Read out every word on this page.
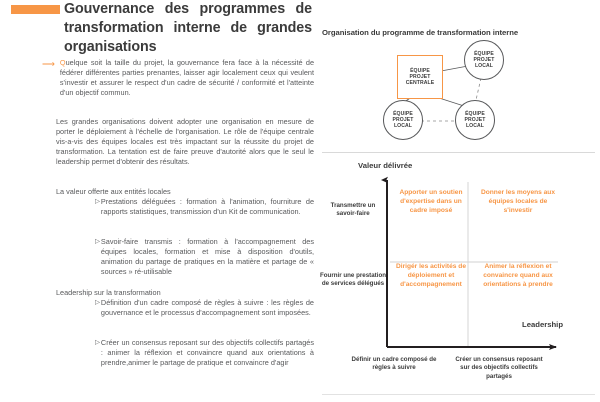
Gouvernance des programmes de transformation interne de grandes organisations
⟶ Quelque soit la taille du projet, la gouvernance fera face à la nécessité de fédérer différentes parties prenantes, laisser agir localement ceux qui veulent s'investir et assurer le respect d'un cadre de sécurité / conformité et l'atteinte d'un objectif commun.
Les grandes organisations doivent adopter une organisation en mesure de porter le déploiement à l'échelle de l'organisation. Le rôle de l'équipe centrale vis-a-vis des équipes locales est très impactant sur la réussite du projet de transformation. La tentation est de faire preuve d'autorité alors que le seul le leadership permet d'obtenir des résultats.
La valeur offerte aux entités locales
▷ Prestations déléguées : formation à l'animation, fourniture de rapports statistiques, transmission d'un Kit de communication.
▷ Savoir-faire transmis : formation à l'accompagnement des équipes locales, formation et mise à disposition d'outils, animation du partage de pratiques en la matière et partage de « sources » ré-utilisable
Leadership sur la transformation
▷ Définition d'un cadre composé de règles à suivre : les règles de gouvernance et le processus d'accompagnement sont imposées.
▷ Créer un consensus reposant sur des objectifs collectifs partagés : animer la réflexion et convaincre quand aux orientations à prendre,animer le partage de pratique et convaincre d'agir
Organisation du programme de transformation interne
ÉQUIPE
PROJET
LOCAL
ÉQUIPE
PROJET
CENTRALE
ÉQUIPE
PROJET
LOCAL
ÉQUIPE
PROJET
LOCAL
Valeur délivrée
Leadership
Transmettre un savoir-faire
Fournir une prestation de services délégués
Définir un cadre composé de règles à suivre
Créer un consensus reposant sur des objectifs collectifs partagés
Apporter un soutien d'expertise dans un cadre imposé
Donner les moyens aux équipes locales de s'investir
Dirigér les activités de déploiement et d'accompagnement
Animer la réflexion et convaincre quand aux orientations à prendre
